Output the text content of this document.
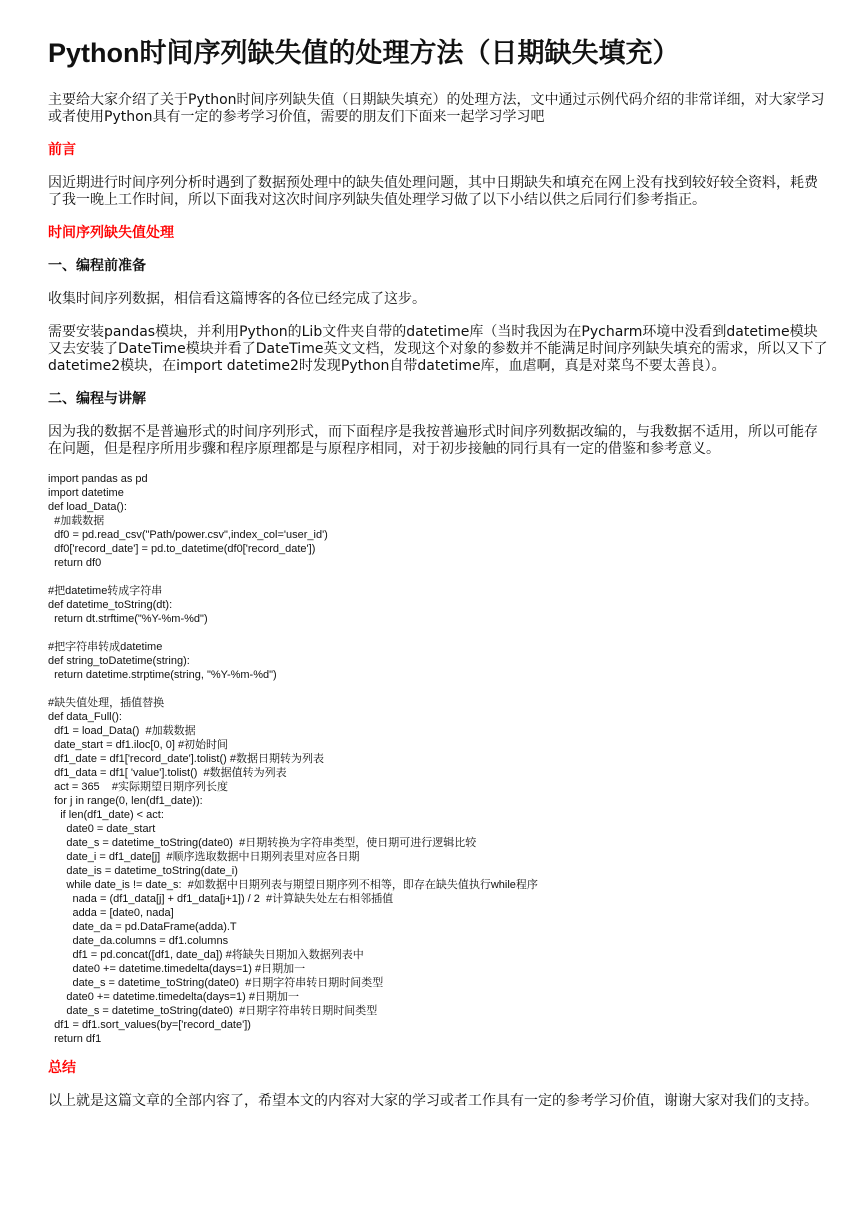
Python时间序列缺失值的处理方法（日期缺失填充）

主要给大家介绍了关于Python时间序列缺失值（日期缺失填充）的处理方法，文中通过示例代码介绍的非常详细，对大家学习或者使用Python具有一定的参考学习价值，需要的朋友们下面来一起学习学习吧

前言

因近期进行时间序列分析时遇到了数据预处理中的缺失值处理问题，其中日期缺失和填充在网上没有找到较好较全资料，耗费了我一晚上工作时间，所以下面我对这次时间序列缺失值处理学习做了以下小结以供之后同行们参考指正。

时间序列缺失值处理

一、编程前准备

收集时间序列数据，相信看这篇博客的各位已经完成了这步。

需要安装pandas模块，并利用Python的Lib文件夹自带的datetime库（当时我因为在Pycharm环境中没看到datetime模块又去安装了DateTime模块并看了DateTime英文文档，发现这个对象的参数并不能满足时间序列缺失填充的需求，所以又下了datetime2模块，在import datetime2时发现Python自带datetime库，血虐啊，真是对菜鸟不要太善良）。

二、编程与讲解

因为我的数据不是普遍形式的时间序列形式，而下面程序是我按普遍形式时间序列数据改编的，与我数据不适用，所以可能存在问题，但是程序所用步骤和程序原理都是与原程序相同，对于初步接触的同行具有一定的借鉴和参考意义。

import pandas as pd
import datetime
def load_Data():
#加载数据
df0 = pd.read_csv("Path/power.csv",index_col='user_id')
df0['record_date'] = pd.to_datetime(df0['record_date'])
return df0
#把datetime转成字符串
def datetime_toString(dt):
return dt.strftime("%Y-%m-%d")
#把字符串转成datetime
def string_toDatetime(string):
return datetime.strptime(string, "%Y-%m-%d")
#缺失值处理，插值替换
def data_Full():
df1 = load_Data()  #加载数据
date_start = df1.iloc[0, 0] #初始时间
df1_date = df1['record_date'].tolist() #数据日期转为列表
df1_data = df1[ 'value'].tolist()  #数据值转为列表
act = 365    #实际期望日期序列长度
for j in range(0, len(df1_date)):
if len(df1_date) < act:
date0 = date_start
date_s = datetime_toString(date0)  #日期转换为字符串类型，使日期可进行逻辑比较
date_i = df1_date[j]  #顺序选取数据中日期列表里对应各日期
date_is = datetime_toString(date_i)
while date_is != date_s:  #如数据中日期列表与期望日期序列不相等，即存在缺失值执行while程序
nada = (df1_data[j] + df1_data[j+1]) / 2  #计算缺失处左右相邻插值
adda = [date0, nada]
date_da = pd.DataFrame(adda).T
date_da.columns = df1.columns
df1 = pd.concat([df1, date_da]) #将缺失日期加入数据列表中
date0 += datetime.timedelta(days=1) #日期加一
date_s = datetime_toString(date0)  #日期字符串转日期时间类型
date0 += datetime.timedelta(days=1) #日期加一
date_s = datetime_toString(date0)  #日期字符串转日期时间类型
df1 = df1.sort_values(by=['record_date'])
return df1

总结

以上就是这篇文章的全部内容了，希望本文的内容对大家的学习或者工作具有一定的参考学习价值，谢谢大家对我们的支持。
